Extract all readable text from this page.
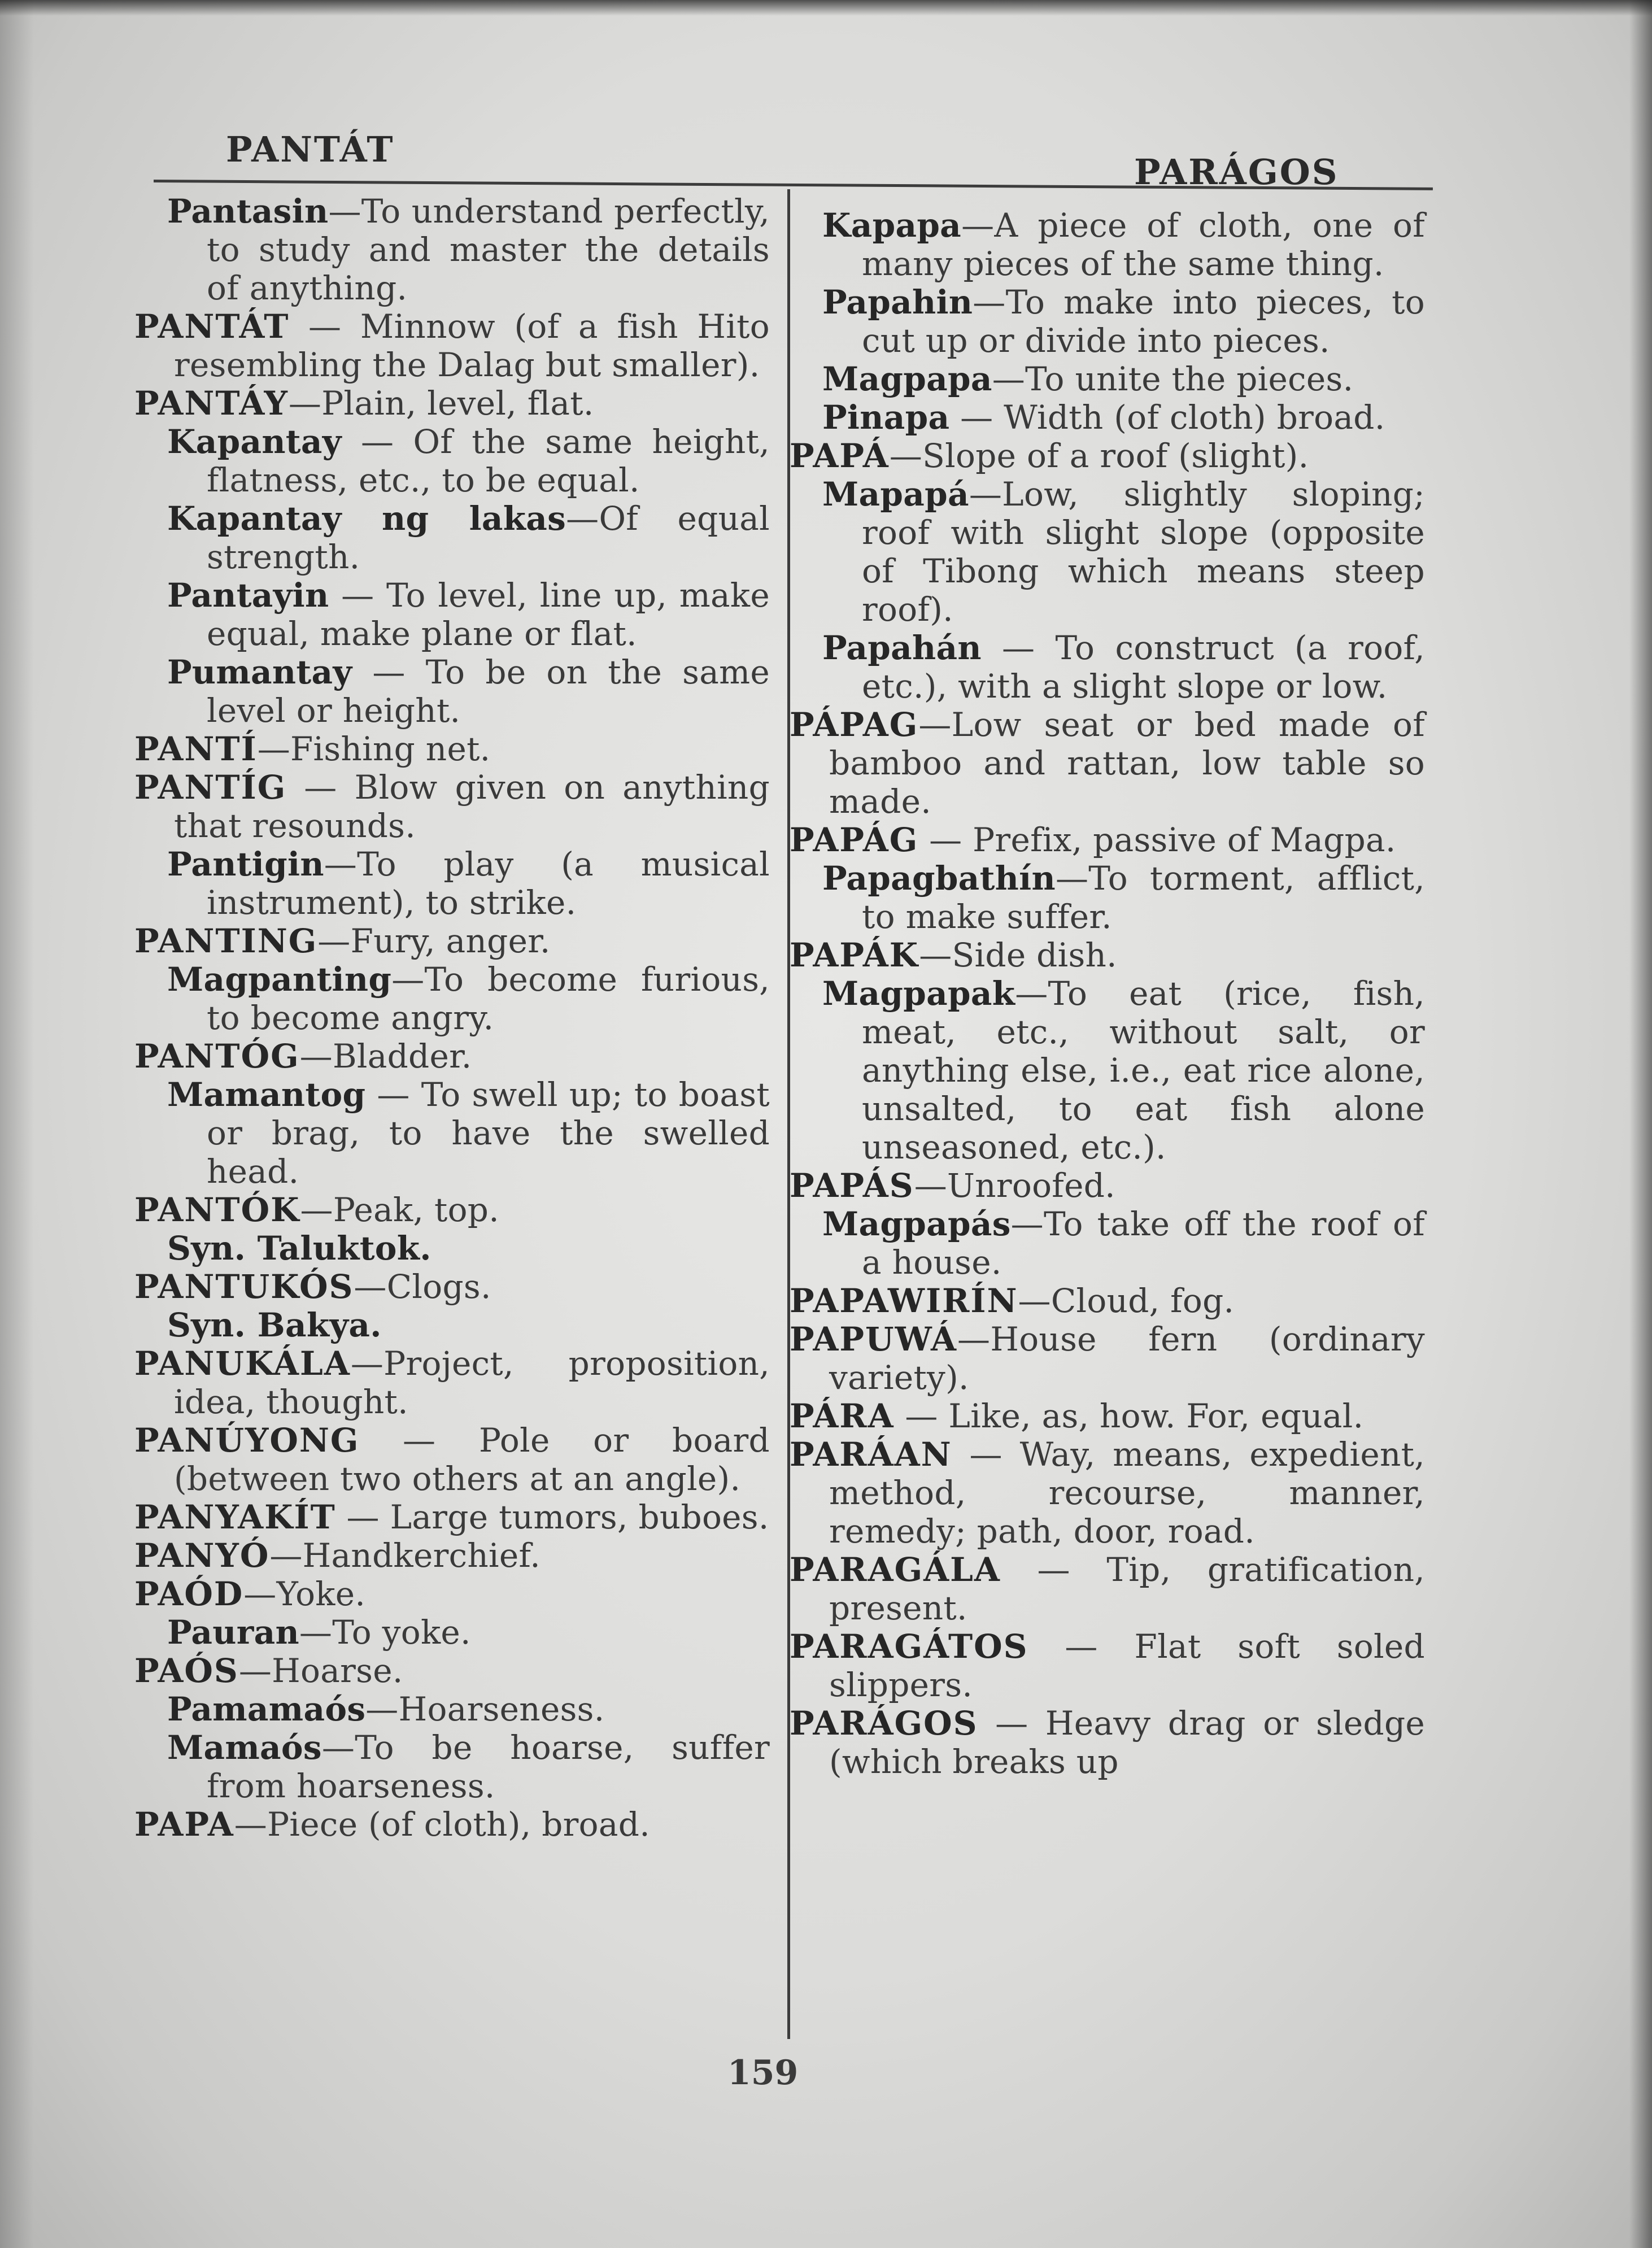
PANTÁT
PARÁGOS
Pantasin—To understand perfectly, to study and master the details of anything.
PANTÁT — Minnow (of a fish Hito resembling the Dalag but smaller).
PANTÁY—Plain, level, flat.
Kapantay — Of the same height, flatness, etc., to be equal.
Kapantay ng lakas—Of equal strength.
Pantayin — To level, line up, make equal, make plane or flat.
Pumantay — To be on the same level or height.
PANTÍ—Fishing net.
PANTÍG — Blow given on anything that resounds.
Pantigin—To play (a musical instrument), to strike.
PANTING—Fury, anger.
Magpanting—To become furious, to become angry.
PANTÓG—Bladder.
Mamantog — To swell up; to boast or brag, to have the swelled head.
PANTÓK—Peak, top.
Syn. Taluktok.
PANTUKÓS—Clogs.
Syn. Bakya.
PANUKÁLA—Project, proposition, idea, thought.
PANÚYONG — Pole or board (between two others at an angle).
PANYAKÍT — Large tumors, buboes.
PANYÓ—Handkerchief.
PAÓD—Yoke.
Pauran—To yoke.
PAÓS—Hoarse.
Pamamaós—Hoarseness.
Mamaós—To be hoarse, suffer from hoarseness.
PAPA—Piece (of cloth), broad.
Kapapa—A piece of cloth, one of many pieces of the same thing.
Papahin—To make into pieces, to cut up or divide into pieces.
Magpapa—To unite the pieces.
Pinapa — Width (of cloth) broad.
PAPÁ—Slope of a roof (slight).
Mapapá—Low, slightly sloping; roof with slight slope (opposite of Tibong which means steep roof).
Papahán — To construct (a roof, etc.), with a slight slope or low.
PÁPAG—Low seat or bed made of bamboo and rattan, low table so made.
PAPÁG — Prefix, passive of Magpa.
Papagbathín—To torment, afflict, to make suffer.
PAPÁK—Side dish.
Magpapak—To eat (rice, fish, meat, etc., without salt, or anything else, i.e., eat rice alone, unsalted, to eat fish alone unseasoned, etc.).
PAPÁS—Unroofed.
Magpapás—To take off the roof of a house.
PAPAWIRÍN—Cloud, fog.
PAPUWÁ—House fern (ordinary variety).
PÁRA — Like, as, how. For, equal.
PARÁAN — Way, means, expedient, method, recourse, manner, remedy; path, door, road.
PARAGÁLA — Tip, gratification, present.
PARAGÁTOS — Flat soft soled slippers.
PARÁGOS — Heavy drag or sledge (which breaks up
159
